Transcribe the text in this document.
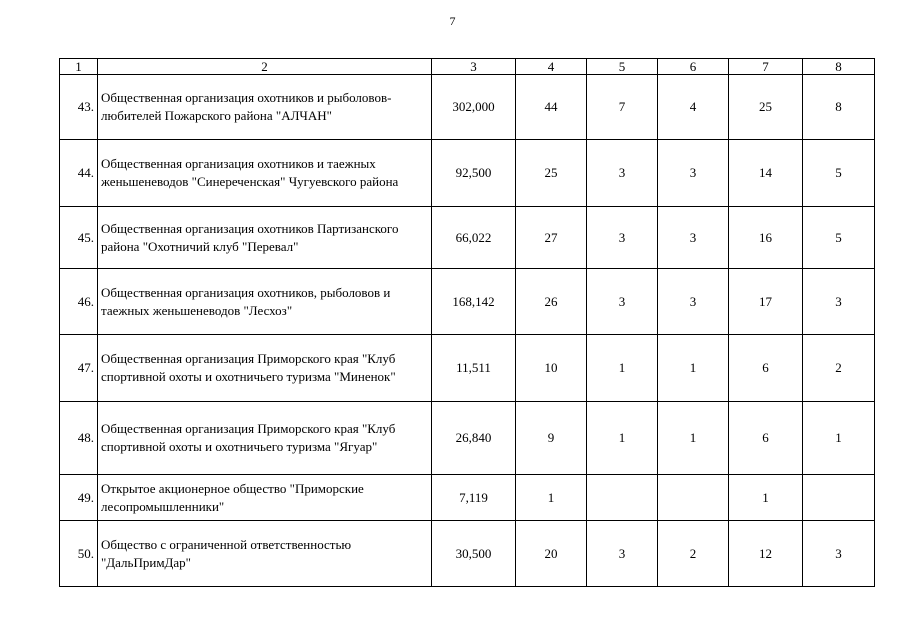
7
1	2	3	4	5	6	7	8
43.	Общественная организация охотников и рыболовов-любителей Пожарского района "АЛЧАН"	302,000	44	7	4	25	8
44.	Общественная организация охотников и таежных женьшеневодов "Синереченская" Чугуевского района	92,500	25	3	3	14	5
45.	Общественная организация охотников Партизанского района "Охотничий клуб "Перевал"	66,022	27	3	3	16	5
46.	Общественная организация охотников, рыболовов и таежных женьшеневодов "Лесхоз"	168,142	26	3	3	17	3
47.	Общественная организация Приморского края "Клуб спортивной охоты и охотничьего туризма "Миненок"	11,511	10	1	1	6	2
48.	Общественная организация Приморского края "Клуб спортивной охоты и охотничьего туризма "Ягуар"	26,840	9	1	1	6	1
49.	Открытое акционерное общество "Приморские лесопромышленники"	7,119	1			1	
50.	Общество с ограниченной ответственностью "ДальПримДар"	30,500	20	3	2	12	3
